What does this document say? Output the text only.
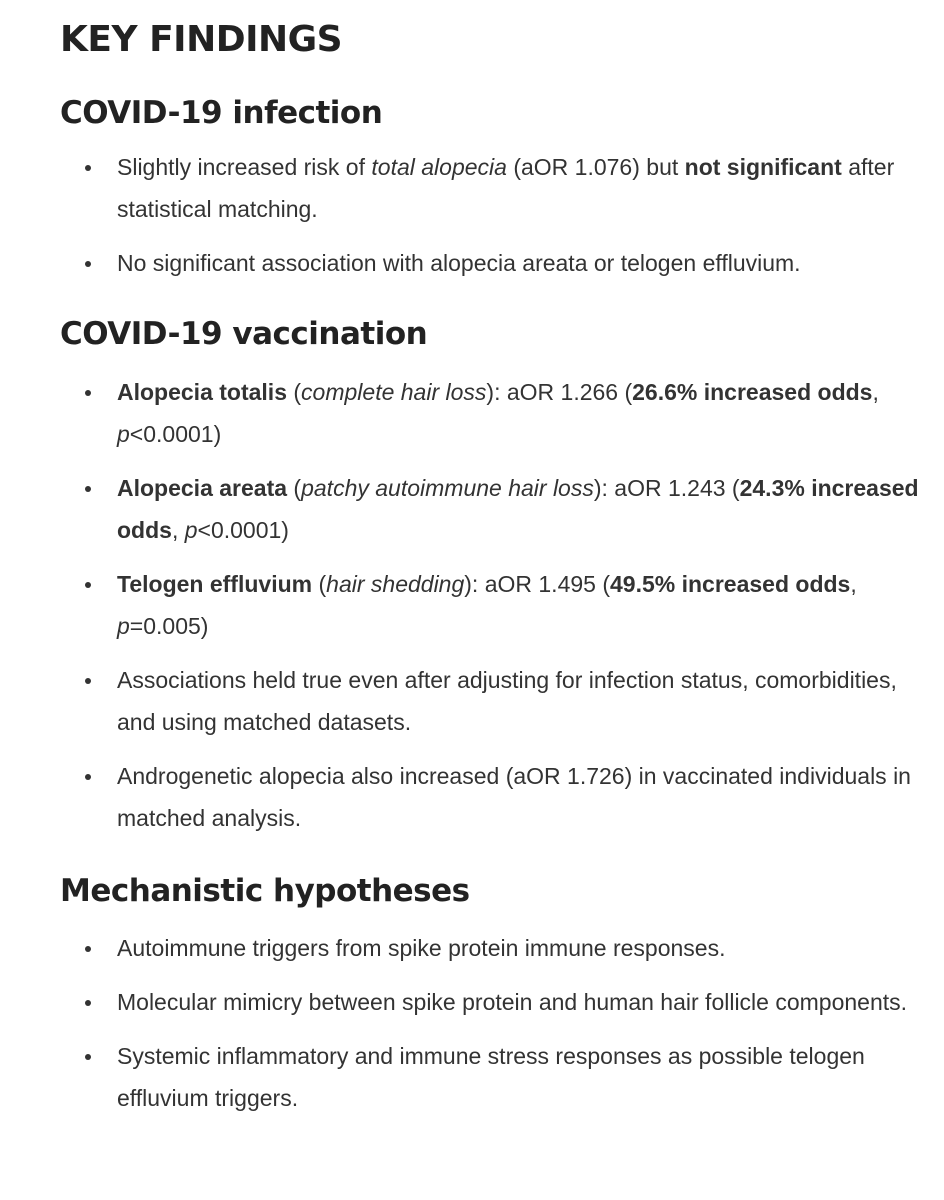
KEY FINDINGS
COVID-19 infection
Slightly increased risk of total alopecia (aOR 1.076) but not significant after statistical matching.
No significant association with alopecia areata or telogen effluvium.
COVID-19 vaccination
Alopecia totalis (complete hair loss): aOR 1.266 (26.6% increased odds, p<0.0001)
Alopecia areata (patchy autoimmune hair loss): aOR 1.243 (24.3% increased odds, p<0.0001)
Telogen effluvium (hair shedding): aOR 1.495 (49.5% increased odds, p=0.005)
Associations held true even after adjusting for infection status, comorbidities, and using matched datasets.
Androgenetic alopecia also increased (aOR 1.726) in vaccinated individuals in matched analysis.
Mechanistic hypotheses
Autoimmune triggers from spike protein immune responses.
Molecular mimicry between spike protein and human hair follicle components.
Systemic inflammatory and immune stress responses as possible telogen effluvium triggers.
